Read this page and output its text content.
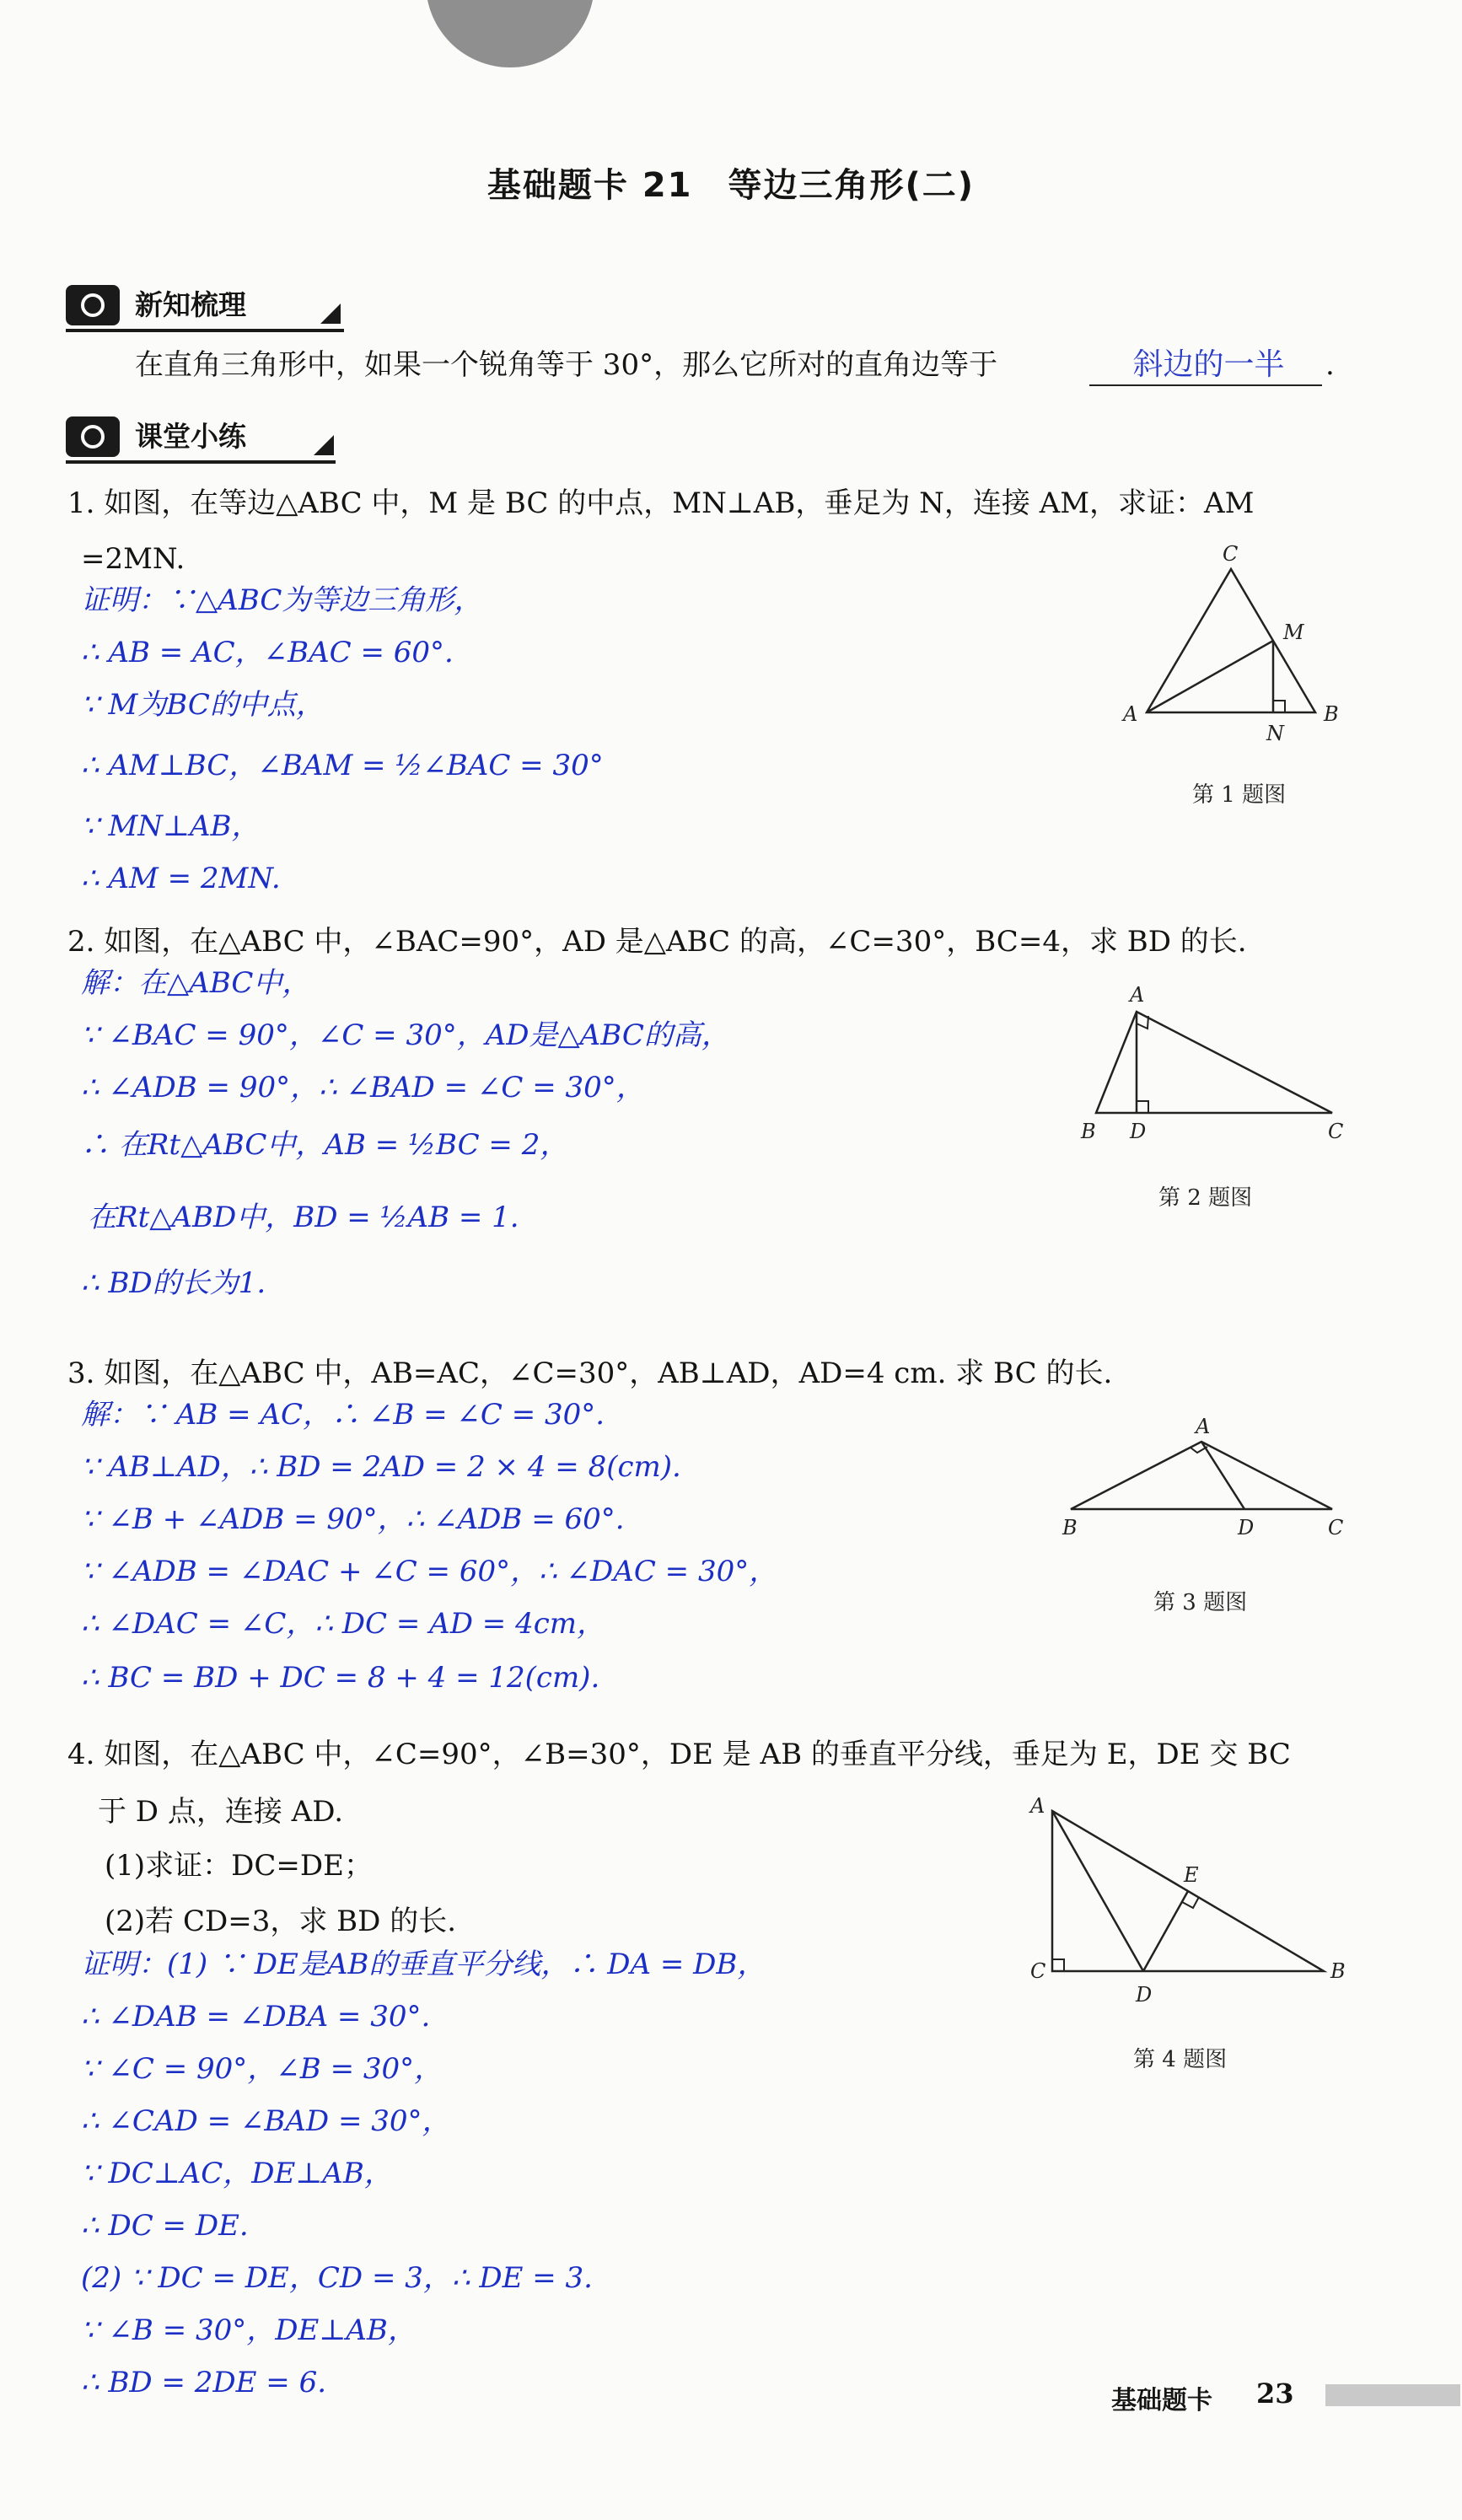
基础题卡 21　等边三角形(二)
新知梳理
在直角三角形中，如果一个锐角等于 30°，那么它所对的直角边等于	斜边的一半	.
课堂小练
1. 如图，在等边△ABC 中，M 是 BC 的中点，MN⊥AB，垂足为 N，连接 AM，求证：AM
=2MN.
证明：∵△ABC为等边三角形，
∴ AB = AC，∠BAC = 60°.
∵ M为BC的中点，
∴ AM⊥BC，∠BAM = ½∠BAC = 30°
∵ MN⊥AB，
∴ AM = 2MN.
C
M
A	B
N
第 1 题图
2. 如图，在△ABC 中，∠BAC=90°，AD 是△ABC 的高，∠C=30°，BC=4，求 BD 的长.
解：在△ABC中，
∵ ∠BAC = 90°，∠C = 30°，AD是△ABC的高，
∴ ∠ADB = 90°，∴ ∠BAD = ∠C = 30°，
∴ 在Rt△ABC中，AB = ½BC = 2，
在Rt△ABD中，BD = ½AB = 1.
∴ BD的长为1.
A
B D	C
第 2 题图
3. 如图，在△ABC 中，AB=AC，∠C=30°，AB⊥AD，AD=4 cm. 求 BC 的长.
解：∵ AB = AC，∴ ∠B = ∠C = 30°.
∵ AB⊥AD，∴ BD = 2AD = 2 × 4 = 8(cm).
∵ ∠B + ∠ADB = 90°，∴ ∠ADB = 60°.
∵ ∠ADB = ∠DAC + ∠C = 60°，∴ ∠DAC = 30°，
∴ ∠DAC = ∠C，∴ DC = AD = 4cm，
∴ BC = BD + DC = 8 + 4 = 12(cm).
A
B	D	C
第 3 题图
4. 如图，在△ABC 中，∠C=90°，∠B=30°，DE 是 AB 的垂直平分线，垂足为 E，DE 交 BC
于 D 点，连接 AD.
(1)求证：DC=DE；
(2)若 CD=3，求 BD 的长.
证明：(1) ∵ DE是AB的垂直平分线，∴ DA = DB，
∴ ∠DAB = ∠DBA = 30°.
∵ ∠C = 90°，∠B = 30°，
∴ ∠CAD = ∠BAD = 30°，
∵ DC⊥AC，DE⊥AB，
∴ DC = DE.
(2) ∵ DC = DE，CD = 3，∴ DE = 3.
∵ ∠B = 30°，DE⊥AB，
∴ BD = 2DE = 6.
A
E
C
D
B
第 4 题图
基础题卡 23
